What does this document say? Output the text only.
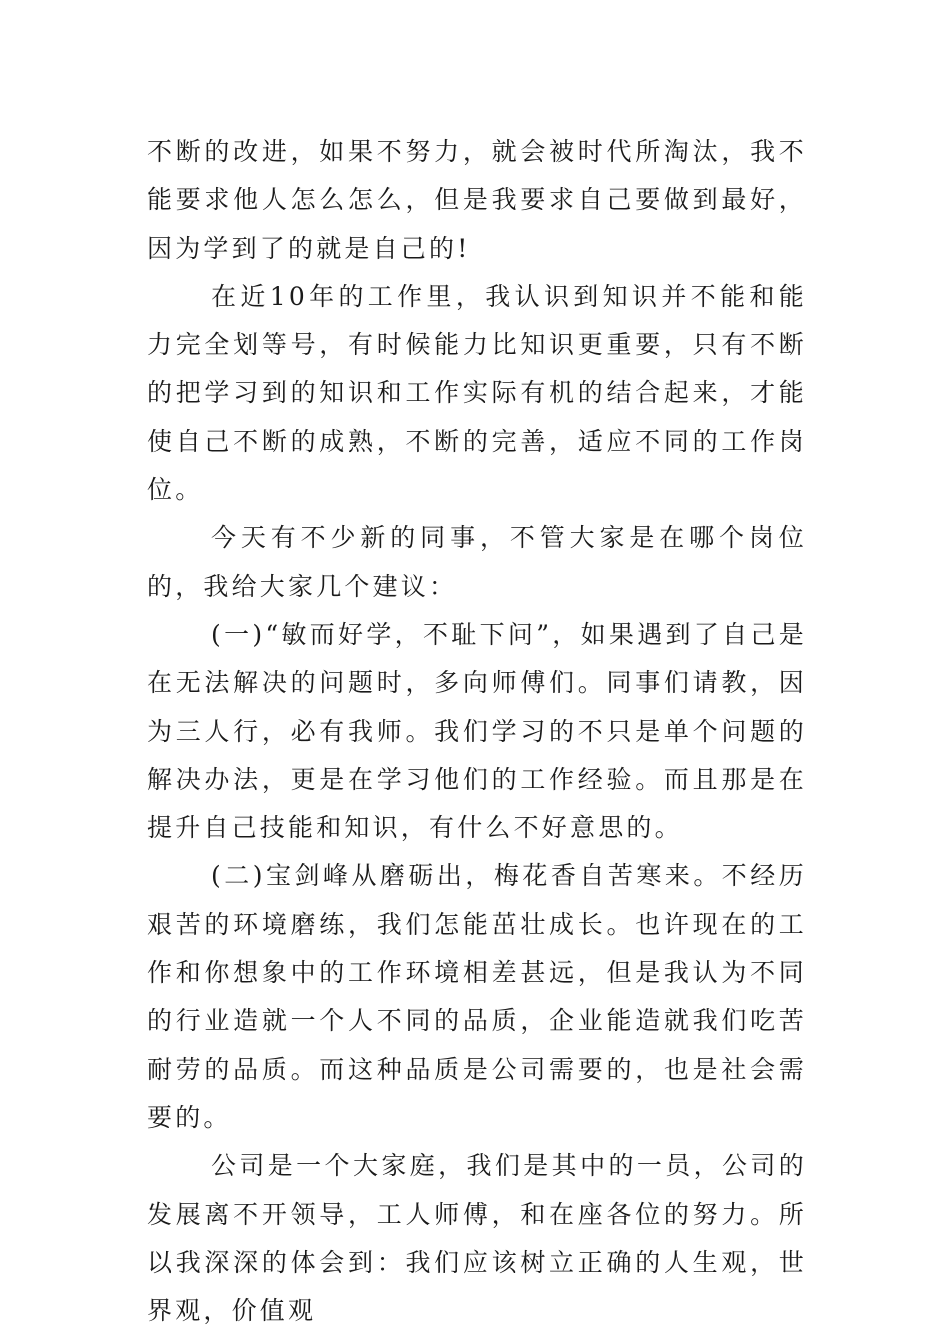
不断的改进，如果不努力，就会被时代所淘汰，我不能要求他人怎么怎么，但是我要求自己要做到最好，因为学到了的就是自己的!

在近10年的工作里，我认识到知识并不能和能力完全划等号，有时候能力比知识更重要，只有不断的把学习到的知识和工作实际有机的结合起来，才能使自己不断的成熟，不断的完善，适应不同的工作岗位。

今天有不少新的同事，不管大家是在哪个岗位的，我给大家几个建议：

(一)“敏而好学，不耻下问”，如果遇到了自己是在无法解决的问题时，多向师傅们。同事们请教，因为三人行，必有我师。我们学习的不只是单个问题的解决办法，更是在学习他们的工作经验。而且那是在提升自己技能和知识，有什么不好意思的。

(二)宝剑峰从磨砺出，梅花香自苦寒来。不经历艰苦的环境磨练，我们怎能茁壮成长。也许现在的工作和你想象中的工作环境相差甚远，但是我认为不同的行业造就一个人不同的品质，企业能造就我们吃苦耐劳的品质。而这种品质是公司需要的，也是社会需要的。

公司是一个大家庭，我们是其中的一员，公司的发展离不开领导，工人师傅，和在座各位的努力。所以我深深的体会到：我们应该树立正确的人生观，世界观，价值观
